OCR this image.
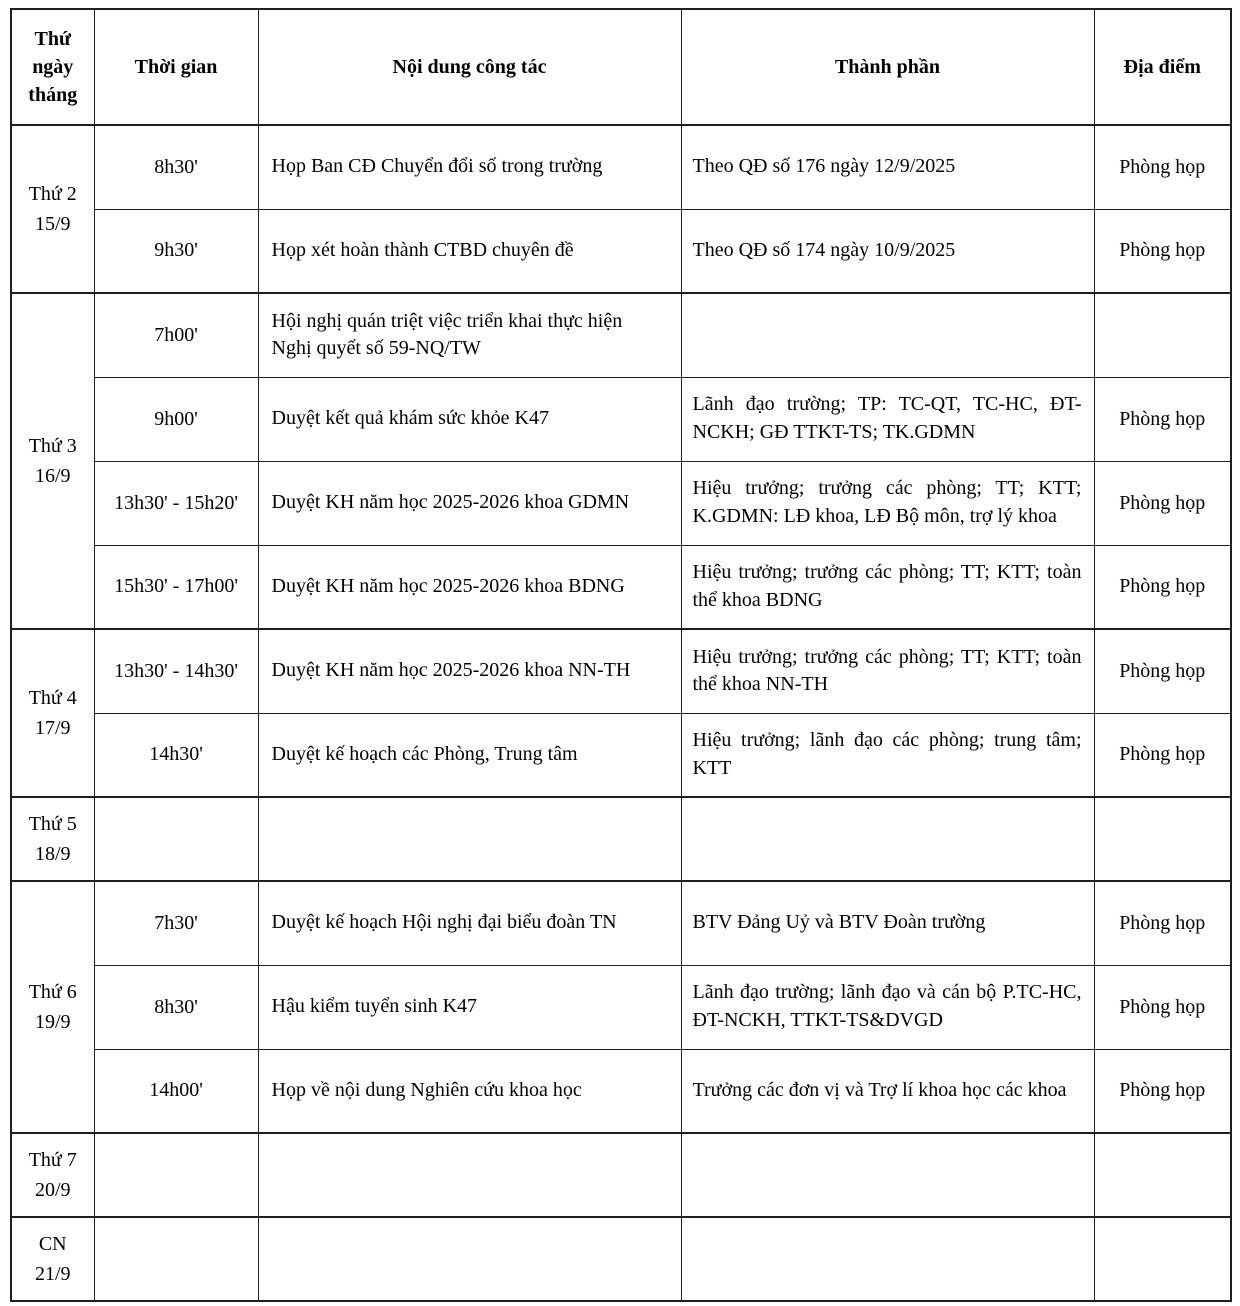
Thứ ngày tháng	Thời gian	Nội dung công tác	Thành phần	Địa điểm

Thứ 2
15/9	8h30'	Họp Ban CĐ Chuyển đổi số trong trường	Theo QĐ số 176 ngày 12/9/2025	Phòng họp
	9h30'	Họp xét hoàn thành CTBD chuyên đề	Theo QĐ số 174 ngày 10/9/2025	Phòng họp

Thứ 3
16/9	7h00'	Hội nghị quán triệt việc triển khai thực hiện Nghị quyết số 59-NQ/TW		
	9h00'	Duyệt kết quả khám sức khỏe K47	Lãnh đạo trường; TP: TC-QT, TC-HC, ĐT-NCKH; GĐ TTKT-TS; TK.GDMN	Phòng họp
	13h30' - 15h20'	Duyệt KH năm học 2025-2026 khoa GDMN	Hiệu trưởng; trưởng các phòng; TT; KTT; K.GDMN: LĐ khoa, LĐ Bộ môn, trợ lý khoa	Phòng họp
	15h30' - 17h00'	Duyệt KH năm học 2025-2026 khoa BDNG	Hiệu trưởng; trưởng các phòng; TT; KTT; toàn thể khoa BDNG	Phòng họp

Thứ 4
17/9	13h30' - 14h30'	Duyệt KH năm học 2025-2026 khoa NN-TH	Hiệu trưởng; trưởng các phòng; TT; KTT; toàn thể khoa NN-TH	Phòng họp
	14h30'	Duyệt kế hoạch các Phòng, Trung tâm	Hiệu trưởng; lãnh đạo các phòng; trung tâm; KTT	Phòng họp

Thứ 5
18/9				

Thứ 6
19/9	7h30'	Duyệt kế hoạch Hội nghị đại biểu đoàn TN	BTV Đảng Uỷ và BTV Đoàn trường	Phòng họp
	8h30'	Hậu kiểm tuyển sinh K47	Lãnh đạo trường; lãnh đạo và cán bộ P.TC-HC, ĐT-NCKH, TTKT-TS&DVGD	Phòng họp
	14h00'	Họp về nội dung Nghiên cứu khoa học	Trưởng các đơn vị và Trợ lí khoa học các khoa	Phòng họp

Thứ 7
20/9				

CN
21/9				
